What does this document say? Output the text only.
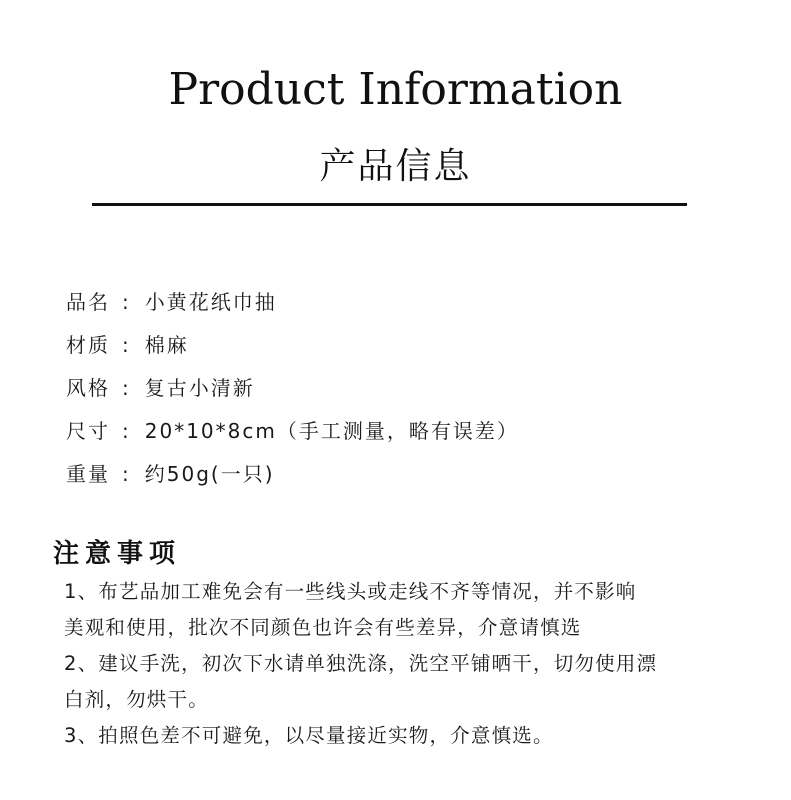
Product Information
产品信息
品名 : 小黄花纸巾抽
材质 : 棉麻
风格 : 复古小清新
尺寸 : 20*10*8cm（手工测量，略有误差）
重量 : 约50g(一只)
注意事项
1、布艺品加工难免会有一些线头或走线不齐等情况，并不影响
美观和使用，批次不同颜色也许会有些差异，介意请慎选
2、建议手洗，初次下水请单独洗涤，洗空平铺晒干，切勿使用漂
白剂，勿烘干。
3、拍照色差不可避免，以尽量接近实物，介意慎选。
